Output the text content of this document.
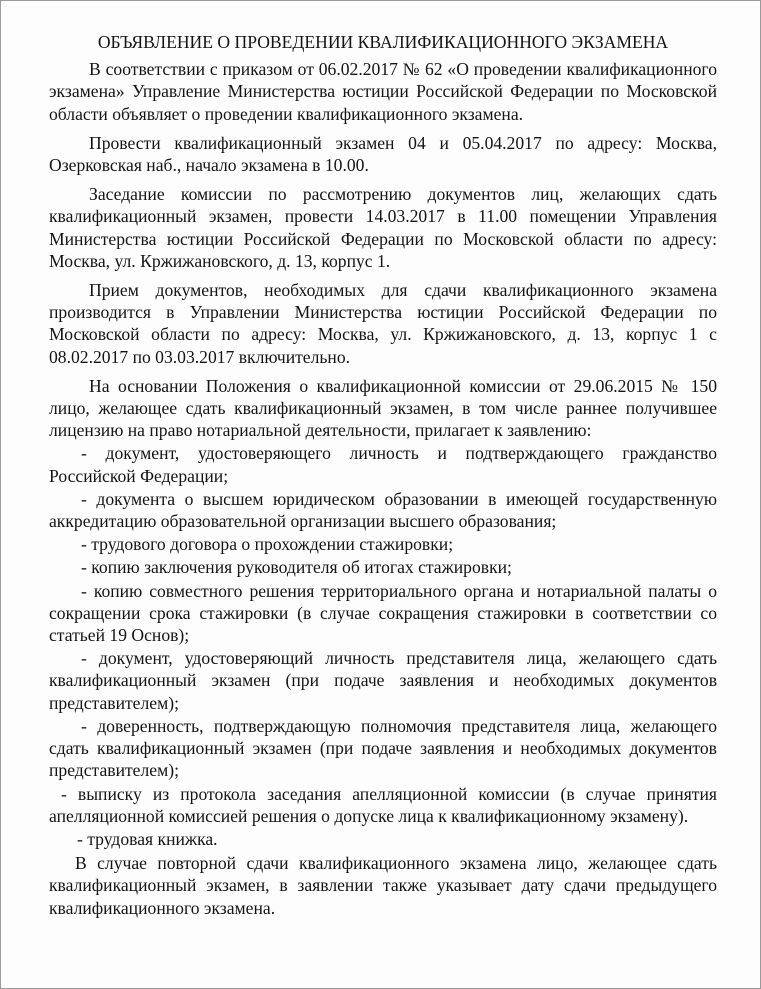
ОБЪЯВЛЕНИЕ О ПРОВЕДЕНИИ КВАЛИФИКАЦИОННОГО ЭКЗАМЕНА

В соответствии с приказом от 06.02.2017 № 62 «О проведении квалификационного экзамена» Управление Министерства юстиции Российской Федерации по Московской области объявляет о проведении квалификационного экзамена.

Провести квалификационный экзамен 04 и 05.04.2017 по адресу: Москва, Озерковская наб., начало экзамена в 10.00.

Заседание комиссии по рассмотрению документов лиц, желающих сдать квалификационный экзамен, провести 14.03.2017 в 11.00 помещении Управления Министерства юстиции Российской Федерации по Московской области по адресу: Москва, ул. Кржижановского, д. 13, корпус 1.

Прием документов, необходимых для сдачи квалификационного экзамена производится в Управлении Министерства юстиции Российской Федерации по Московской области по адресу: Москва, ул. Кржижановского, д. 13, корпус 1 с 08.02.2017 по 03.03.2017 включительно.

На основании Положения о квалификационной комиссии от 29.06.2015 № 150 лицо, желающее сдать квалификационный экзамен, в том числе раннее получившее лицензию на право нотариальной деятельности, прилагает к заявлению:

- документ, удостоверяющего личность и подтверждающего гражданство Российской Федерации;

- документа о высшем юридическом образовании в имеющей государственную аккредитацию образовательной организации высшего образования;

- трудового договора о прохождении стажировки;

- копию заключения руководителя об итогах стажировки;

- копию совместного решения территориального органа и нотариальной палаты о сокращении срока стажировки (в случае сокращения стажировки в соответствии со статьей 19 Основ);

- документ, удостоверяющий личность представителя лица, желающего сдать квалификационный экзамен (при подаче заявления и необходимых документов представителем);

- доверенность, подтверждающую полномочия представителя лица, желающего сдать квалификационный экзамен (при подаче заявления и необходимых документов представителем);

- выписку из протокола заседания апелляционной комиссии (в случае принятия апелляционной комиссией решения о допуске лица к квалификационному экзамену).

- трудовая книжка.

В случае повторной сдачи квалификационного экзамена лицо, желающее сдать квалификационный экзамен, в заявлении также указывает дату сдачи предыдущего квалификационного экзамена.
